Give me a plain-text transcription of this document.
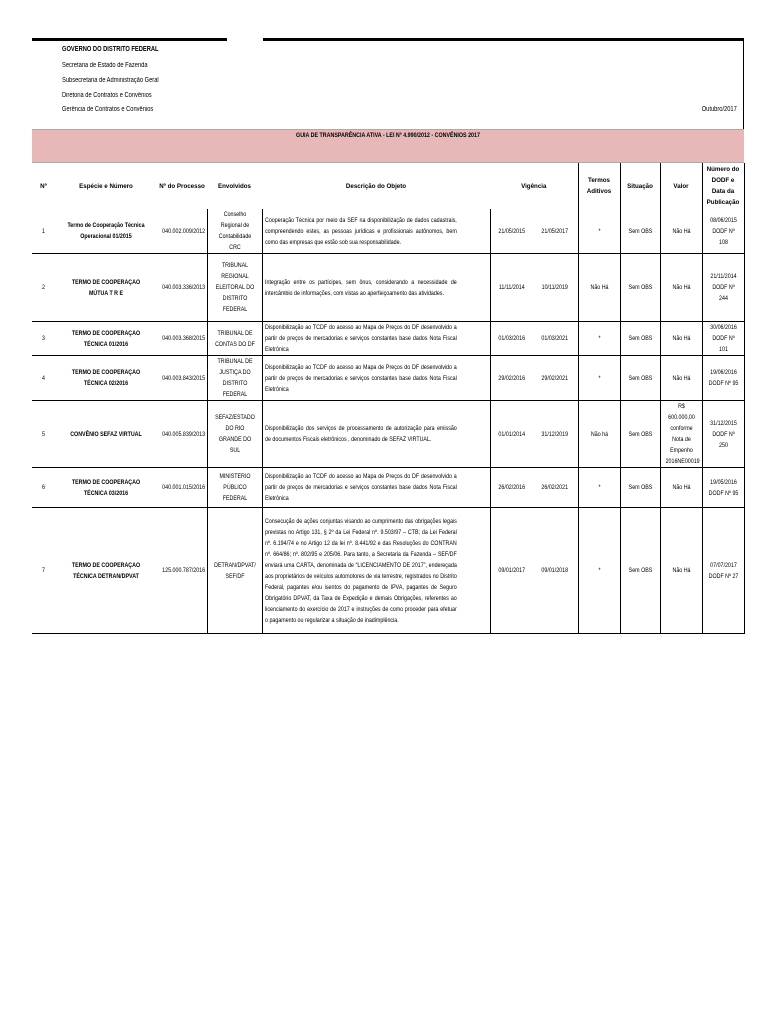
GOVERNO DO DISTRITO FEDERAL
Secretaria de Estado de Fazenda
Subsecretaria de Administração Geral
Diretoria de Contratos e Convênios
Gerência de Contratos e Convênios	Outubro/2017
GUIA DE TRANSPARÊNCIA ATIVA - LEI Nº 4.990/2012 - CONVÊNIOS 2017
Nº	Espécie e Número	Nº do Processo	Envolvidos	Descrição do Objeto	Vigência		Termos Aditivos	Situação	Valor	Número do DODF e Data da Publicação

1	Termo de Cooperação Técnica Operacional 01/2015	040.002.009/2012	Conselho Regional de Contabilidade CRC	Cooperação Técnica por meio da SEF na disponibilização de dados cadastrais, compreendendo estes, as pessoas jurídicas e profissionais autônomos, bem como das empresas que estão sob sua responsabilidade.	21/05/2015	21/05/2017	*	Sem OBS	Não Há	08/06/2015 DODF Nº 108

2	TERMO DE COOPERAÇÃO MÚTUA T R E	040.003.336/2013	TRIBUNAL REGIONAL ELEITORAL DO DISTRITO FEDERAL	Integração entre os partícipes, sem ônus, considerando a necessidade de intercâmbio de informações, com vistas ao aperfeiçoamento das atividades.	11/11/2014	10/11/2019	Não Há	Sem OBS	Não Há	21/11/2014 DODF Nº 244

3	TERMO DE COOPERAÇÃO TÉCNICA 01/2016	040.003.368/2015	TRIBUNAL DE CONTAS DO DF	Disponibilização ao TCDF do acesso ao Mapa de Preços do DF desenvolvido a partir de preços de mercadorias e serviços constantes base dados Nota Fiscal Eletrônica	01/03/2016	01/03/2021	*	Sem OBS	Não Há	30/06/2016 DODF Nº 101

4	TERMO DE COOPERAÇÃO TÉCNICA 02/2016	040.003.843/2015	TRIBUNAL DE JUSTIÇA DO DISTRITO FEDERAL	Disponibilização ao TCDF do acesso ao Mapa de Preços do DF desenvolvido a partir de preços de mercadorias e serviços constantes base dados Nota Fiscal Eletrônica	29/02/2016	29/02/2021	*	Sem OBS	Não Há	19/06/2016 DODF Nº 95

5	CONVÊNIO SEFAZ VIRTUAL	040.005.839/2013	SEFAZ/ESTADO DO RIO GRANDE DO SUL	Disponibilização dos serviços de processamento de autorização para emissão de documentos Fiscais eletrônicos , denominado de SEFAZ VIRTUAL.	01/01/2014	31/12/2019	Não há	Sem OBS	R$ 600.000,00 conforme Nota de Empenho 2016NE00019	31/12/2015 DODF Nº 250

6	TERMO DE COOPERAÇÃO TÉCNICA 03/2016	040.001.015/2016	MINISTÉRIO PÚBLICO FEDERAL	Disponibilização ao TCDF do acesso ao Mapa de Preços do DF desenvolvido a partir de preços de mercadorias e serviços constantes base dados Nota Fiscal Eletrônica	26/02/2016	26/02/2021	*	Sem OBS	Não Há	19/05/2016 DODF Nº 95

7	TERMO DE COOPERAÇÃO TÉCNICA DETRAN/DPVAT	125.000.787/2016	DETRAN/DPVAT/ SEF/DF	Consecução de ações conjuntas visando ao cumprimento das obrigações legais previstas no Artigo 131, § 2º da Lei Federal nº. 9.503/97 – CTB; da Lei Federal nº. 6.194/74 e no Artigo 12 da lei nº. 8.441/92 e das Resoluções do CONTRAN nº. 664/86; nº. 802/95 e 205/06. Para tanto, a Secretaria da Fazenda – SEF/DF enviará uma CARTA, denominada de “LICENCIAMENTO DE 2017”, endereçada aos proprietários de veículos automotores de via terrestre, registrados no Distrito Federal, pagantes e/ou isentos do pagamento de IPVA, pagantes de Seguro Obrigatório DPVAT, da Taxa de Expedição e demais Obrigações, referentes ao licenciamento do exercício de 2017 e instruções de como proceder para efetuar o pagamento ou regularizar a situação de inadimplência.	09/01/2017	09/01/2018	*	Sem OBS	Não Há	07/07/2017 DODF Nº 27
